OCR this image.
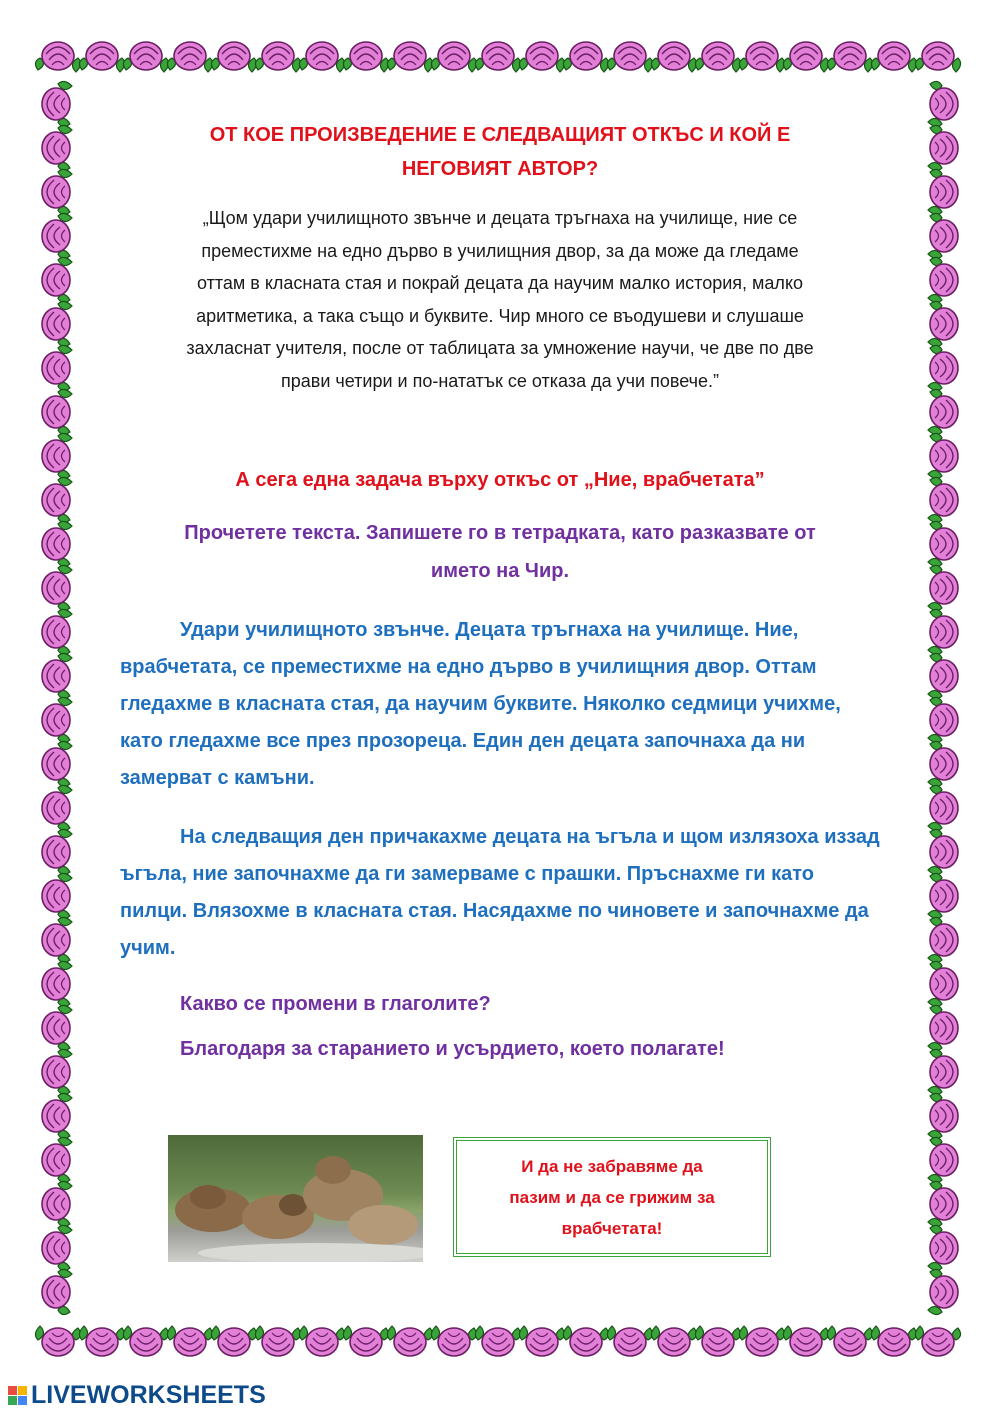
ОТ КОЕ ПРОИЗВЕДЕНИЕ Е СЛЕДВАЩИЯТ ОТКЪС И КОЙ Е
НЕГОВИЯТ АВТОР?

„Щом удари училищното звънче и децата тръгнаха на училище, ние се
преместихме на едно дърво в училищния двор, за да може да гледаме
оттам в класната стая и покрай децата да научим малко история, малко
аритметика, а така също и буквите. Чир много се въодушеви и слушаше
захласнат учителя, после от таблицата за умножение научи, че две по две
прави четири и по-нататък се отказа да учи повече.”

А сега една задача върху откъс от „Ние, врабчетата”

Прочетете текста. Запишете го в тетрадката, като разказвате от
името на Чир.

Удари училищното звънче. Децата тръгнаха на училище. Ние, врабчетата, се преместихме на едно дърво в училищния двор. Оттам гледахме в класната стая, да научим буквите. Няколко седмици учихме, като гледахме все през прозореца. Един ден децата започнаха да ни замерват с камъни.

На следващия ден причакахме децата на ъгъла и щом излязоха иззад ъгъла, ние започнахме да ги замерваме с прашки. Пръснахме ги като пилци. Влязохме в класната стая. Насядахме по чиновете и започнахме да учим.

Какво се промени в глаголите?

Благодаря за старанието и усърдието, което полагате!

И да не забравяме да
пазим и да се грижим за
врабчетата!
LIVEWORKSHEETS
